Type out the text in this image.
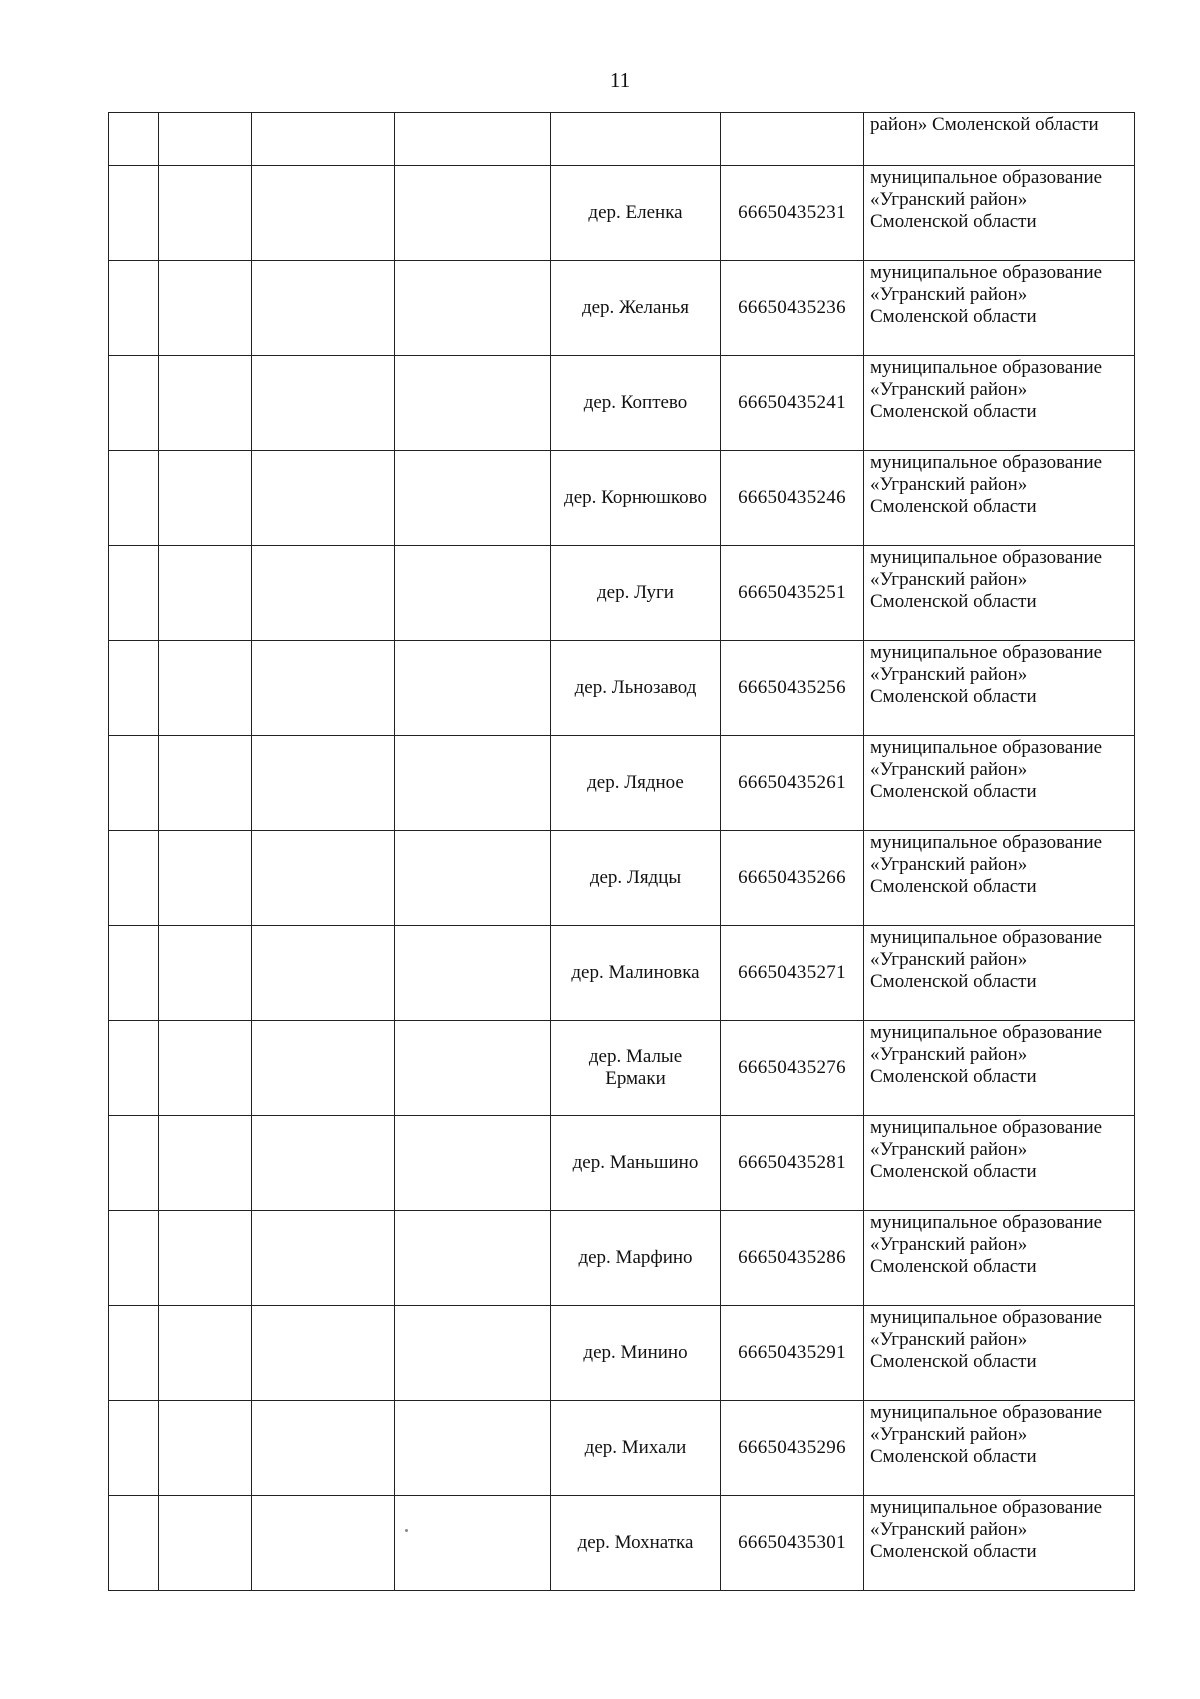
11
						район» Смоленской области
				дер. Еленка	66650435231	муниципальное образование «Угранский район» Смоленской области
				дер. Желанья	66650435236	муниципальное образование «Угранский район» Смоленской области
				дер. Коптево	66650435241	муниципальное образование «Угранский район» Смоленской области
				дер. Корнюшково	66650435246	муниципальное образование «Угранский район» Смоленской области
				дер. Луги	66650435251	муниципальное образование «Угранский район» Смоленской области
				дер. Льнозавод	66650435256	муниципальное образование «Угранский район» Смоленской области
				дер. Лядное	66650435261	муниципальное образование «Угранский район» Смоленской области
				дер. Лядцы	66650435266	муниципальное образование «Угранский район» Смоленской области
				дер. Малиновка	66650435271	муниципальное образование «Угранский район» Смоленской области
				дер. Малые Ермаки	66650435276	муниципальное образование «Угранский район» Смоленской области
				дер. Маньшино	66650435281	муниципальное образование «Угранский район» Смоленской области
				дер. Марфино	66650435286	муниципальное образование «Угранский район» Смоленской области
				дер. Минино	66650435291	муниципальное образование «Угранский район» Смоленской области
				дер. Михали	66650435296	муниципальное образование «Угранский район» Смоленской области
				дер. Мохнатка	66650435301	муниципальное образование «Угранский район» Смоленской области
